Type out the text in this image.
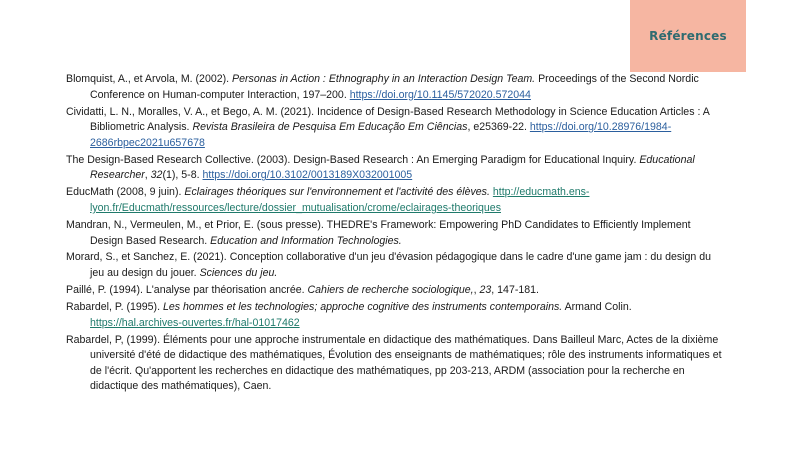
Références

Blomquist, A., et Arvola, M. (2002). Personas in Action : Ethnography in an Interaction Design Team. Proceedings of the Second Nordic Conference on Human-computer Interaction, 197–200. https://doi.org/10.1145/572020.572044

Cividatti, L. N., Moralles, V. A., et Bego, A. M. (2021). Incidence of Design-Based Research Methodology in Science Education Articles : A Bibliometric Analysis. Revista Brasileira de Pesquisa Em Educação Em Ciências, e25369-22. https://doi.org/10.28976/1984-2686rbpec2021u657678

The Design-Based Research Collective. (2003). Design-Based Research : An Emerging Paradigm for Educational Inquiry. Educational Researcher, 32(1), 5-8. https://doi.org/10.3102/0013189X032001005

EducMath (2008, 9 juin). Eclairages théoriques sur l'environnement et l'activité des élèves. http://educmath.ens-lyon.fr/Educmath/ressources/lecture/dossier_mutualisation/crome/eclairages-theoriques

Mandran, N., Vermeulen, M., et Prior, E. (sous presse). THEDRE's Framework: Empowering PhD Candidates to Efficiently Implement Design Based Research. Education and Information Technologies.

Morard, S., et Sanchez, E. (2021). Conception collaborative d'un jeu d'évasion pédagogique dans le cadre d'une game jam : du design du jeu au design du jouer. Sciences du jeu.

Paillé, P. (1994). L'analyse par théorisation ancrée. Cahiers de recherche sociologique,, 23, 147-181.

Rabardel, P. (1995). Les hommes et les technologies; approche cognitive des instruments contemporains. Armand Colin. https://hal.archives-ouvertes.fr/hal-01017462

Rabardel, P, (1999). Éléments pour une approche instrumentale en didactique des mathématiques. Dans Bailleul Marc, Actes de la dixième université d'été de didactique des mathématiques, Évolution des enseignants de mathématiques; rôle des instruments informatiques et de l'écrit. Qu'apportent les recherches en didactique des mathématiques, pp 203-213, ARDM (association pour la recherche en didactique des mathématiques), Caen.
